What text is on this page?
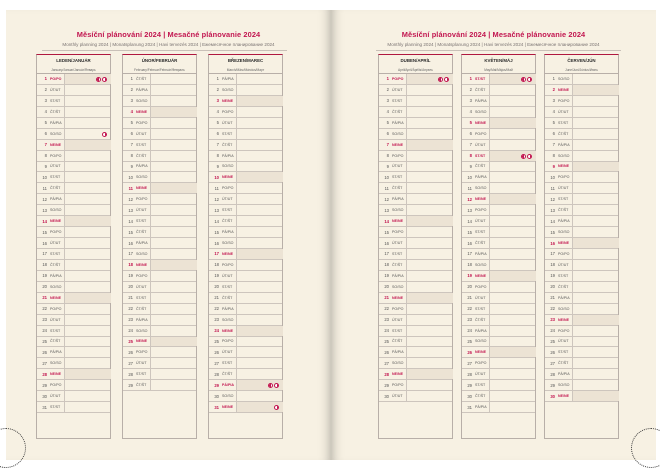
Měsíční plánování 2024 | Mesačné plánovanie 2024
Monthly planning 2024 | Monatsplanung 2024 | Havi tervezés 2024 | Ежемесячное планирование 2024
LEDEN/JANUÁR
January/Januar/Január/Январь
1 PO/PO
2 ÚT/UT
3 ST/ST
4 ČT/ŠT
5 PÁ/PIA
6 SO/SO
7 NE/NE
8 PO/PO
9 ÚT/UT
10 ST/ST
11 ČT/ŠT
12 PÁ/PIA
13 SO/SO
14 NE/NE
15 PO/PO
16 ÚT/UT
17 ST/ST
18 ČT/ŠT
19 PÁ/PIA
20 SO/SO
21 NE/NE
22 PO/PO
23 ÚT/UT
24 ST/ST
25 ČT/ŠT
26 PÁ/PIA
27 SO/SO
28 NE/NE
29 PO/PO
30 ÚT/UT
31 ST/ST
ÚNOR/FEBRUÁR
February/Februar/Február/Февраль
1 ČT/ŠT
2 PÁ/PIA
3 SO/SO
4 NE/NE
5 PO/PO
6 ÚT/UT
7 ST/ST
8 ČT/ŠT
9 PÁ/PIA
10 SO/SO
11 NE/NE
12 PO/PO
13 ÚT/UT
14 ST/ST
15 ČT/ŠT
16 PÁ/PIA
17 SO/SO
18 NE/NE
19 PO/PO
20 ÚT/UT
21 ST/ST
22 ČT/ŠT
23 PÁ/PIA
24 SO/SO
25 NE/NE
26 PO/PO
27 ÚT/UT
28 ST/ST
29 ČT/ŠT
BŘEZEN/MAREC
March/März/Március/Март
1 PÁ/PIA
2 SO/SO
3 NE/NE
4 PO/PO
5 ÚT/UT
6 ST/ST
7 ČT/ŠT
8 PÁ/PIA
9 SO/SO
10 NE/NE
11 PO/PO
12 ÚT/UT
13 ST/ST
14 ČT/ŠT
15 PÁ/PIA
16 SO/SO
17 NE/NE
18 PO/PO
19 ÚT/UT
20 ST/ST
21 ČT/ŠT
22 PÁ/PIA
23 SO/SO
24 NE/NE
25 PO/PO
26 ÚT/UT
27 ST/ST
28 ČT/ŠT
29 PÁ/PIA
30 SO/SO
31 NE/NE
Měsíční plánování 2024 | Mesačné plánovanie 2024
Monthly planning 2024 | Monatsplanung 2024 | Havi tervezés 2024 | Ежемесячное планирование 2024
DUBEN/APRÍL
April/April/Április/Апрель
1 PO/PO
2 ÚT/UT
3 ST/ST
4 ČT/ŠT
5 PÁ/PIA
6 SO/SO
7 NE/NE
8 PO/PO
9 ÚT/UT
10 ST/ST
11 ČT/ŠT
12 PÁ/PIA
13 SO/SO
14 NE/NE
15 PO/PO
16 ÚT/UT
17 ST/ST
18 ČT/ŠT
19 PÁ/PIA
20 SO/SO
21 NE/NE
22 PO/PO
23 ÚT/UT
24 ST/ST
25 ČT/ŠT
26 PÁ/PIA
27 SO/SO
28 NE/NE
29 PO/PO
30 ÚT/UT
KVĚTEN/MÁJ
May/Mai/Május/Май
1 ST/ST
2 ČT/ŠT
3 PÁ/PIA
4 SO/SO
5 NE/NE
6 PO/PO
7 ÚT/UT
8 ST/ST
9 ČT/ŠT
10 PÁ/PIA
11 SO/SO
12 NE/NE
13 PO/PO
14 ÚT/UT
15 ST/ST
16 ČT/ŠT
17 PÁ/PIA
18 SO/SO
19 NE/NE
20 PO/PO
21 ÚT/UT
22 ST/ST
23 ČT/ŠT
24 PÁ/PIA
25 SO/SO
26 NE/NE
27 PO/PO
28 ÚT/UT
29 ST/ST
30 ČT/ŠT
31 PÁ/PIA
ČERVEN/JÚN
June/Juni/Június/Июнь
1 SO/SO
2 NE/NE
3 PO/PO
4 ÚT/UT
5 ST/ST
6 ČT/ŠT
7 PÁ/PIA
8 SO/SO
9 NE/NE
10 PO/PO
11 ÚT/UT
12 ST/ST
13 ČT/ŠT
14 PÁ/PIA
15 SO/SO
16 NE/NE
17 PO/PO
18 ÚT/UT
19 ST/ST
20 ČT/ŠT
21 PÁ/PIA
22 SO/SO
23 NE/NE
24 PO/PO
25 ÚT/UT
26 ST/ST
27 ČT/ŠT
28 PÁ/PIA
29 SO/SO
30 NE/NE
